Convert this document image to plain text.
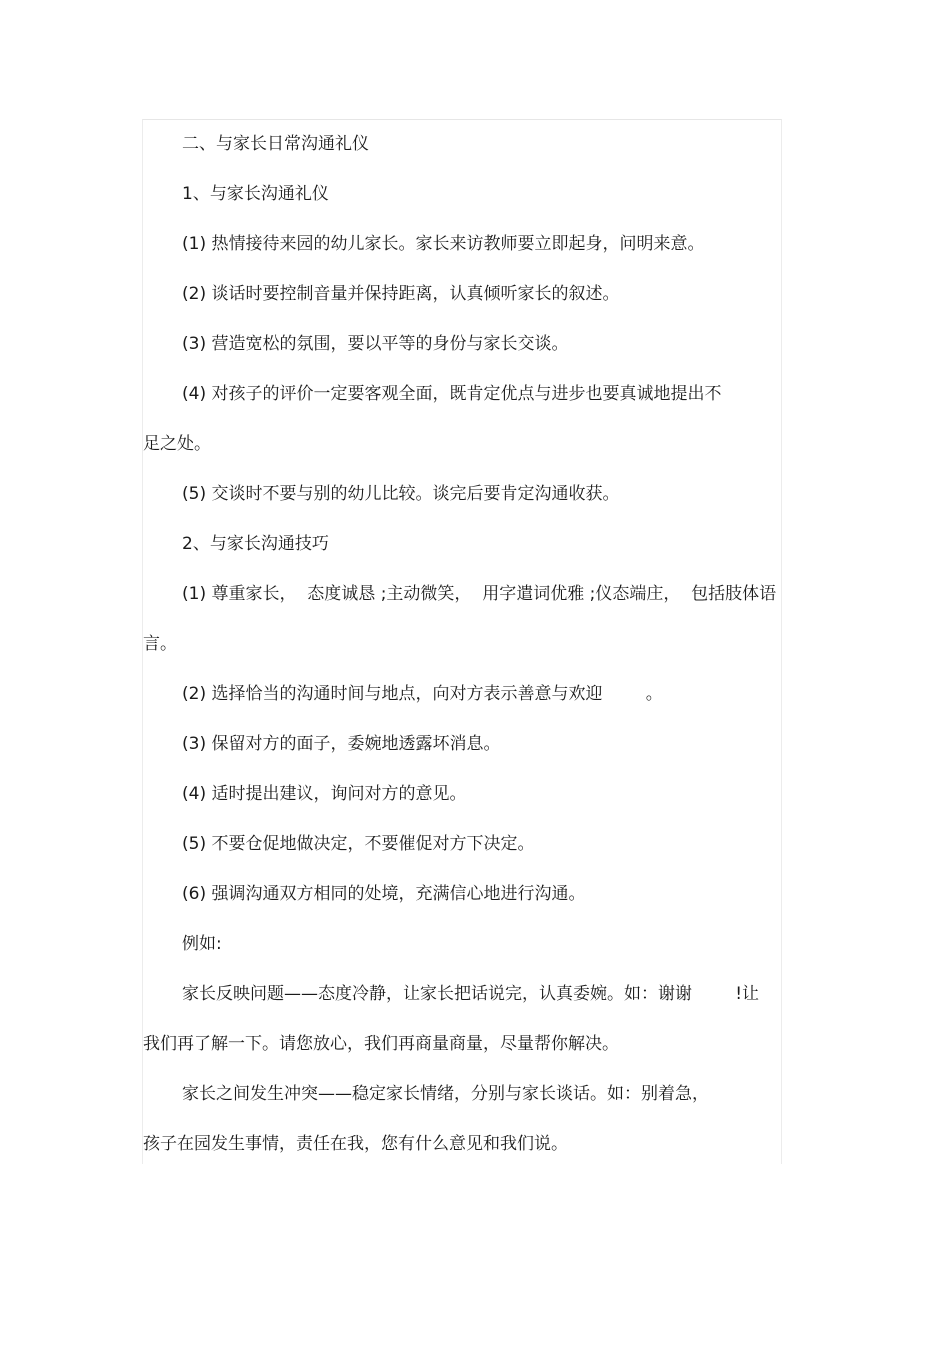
二、与家长日常沟通礼仪
1、与家长沟通礼仪
(1) 热情接待来园的幼儿家长。家长来访教师要立即起身，问明来意。
(2) 谈话时要控制音量并保持距离，认真倾听家长的叙述。
(3) 营造宽松的氛围，要以平等的身份与家长交谈。
(4) 对孩子的评价一定要客观全面，既肯定优点与进步也要真诚地提出不
足之处。
(5) 交谈时不要与别的幼儿比较。谈完后要肯定沟通收获。
2、与家长沟通技巧
(1) 尊重家长，  态度诚恳 ;主动微笑，  用字遣词优雅 ;仪态端庄，  包括肢体语
言。
(2) 选择恰当的沟通时间与地点，向对方表示善意与欢迎        。
(3) 保留对方的面子，委婉地透露坏消息。
(4) 适时提出建议，询问对方的意见。
(5) 不要仓促地做决定，不要催促对方下决定。
(6) 强调沟通双方相同的处境，充满信心地进行沟通。
例如:
家长反映问题——态度冷静，让家长把话说完，认真委婉。如：谢谢        !让
我们再了解一下。请您放心，我们再商量商量，尽量帮你解决。
家长之间发生冲突——稳定家长情绪，分别与家长谈话。如：别着急，
孩子在园发生事情，责任在我，您有什么意见和我们说。
